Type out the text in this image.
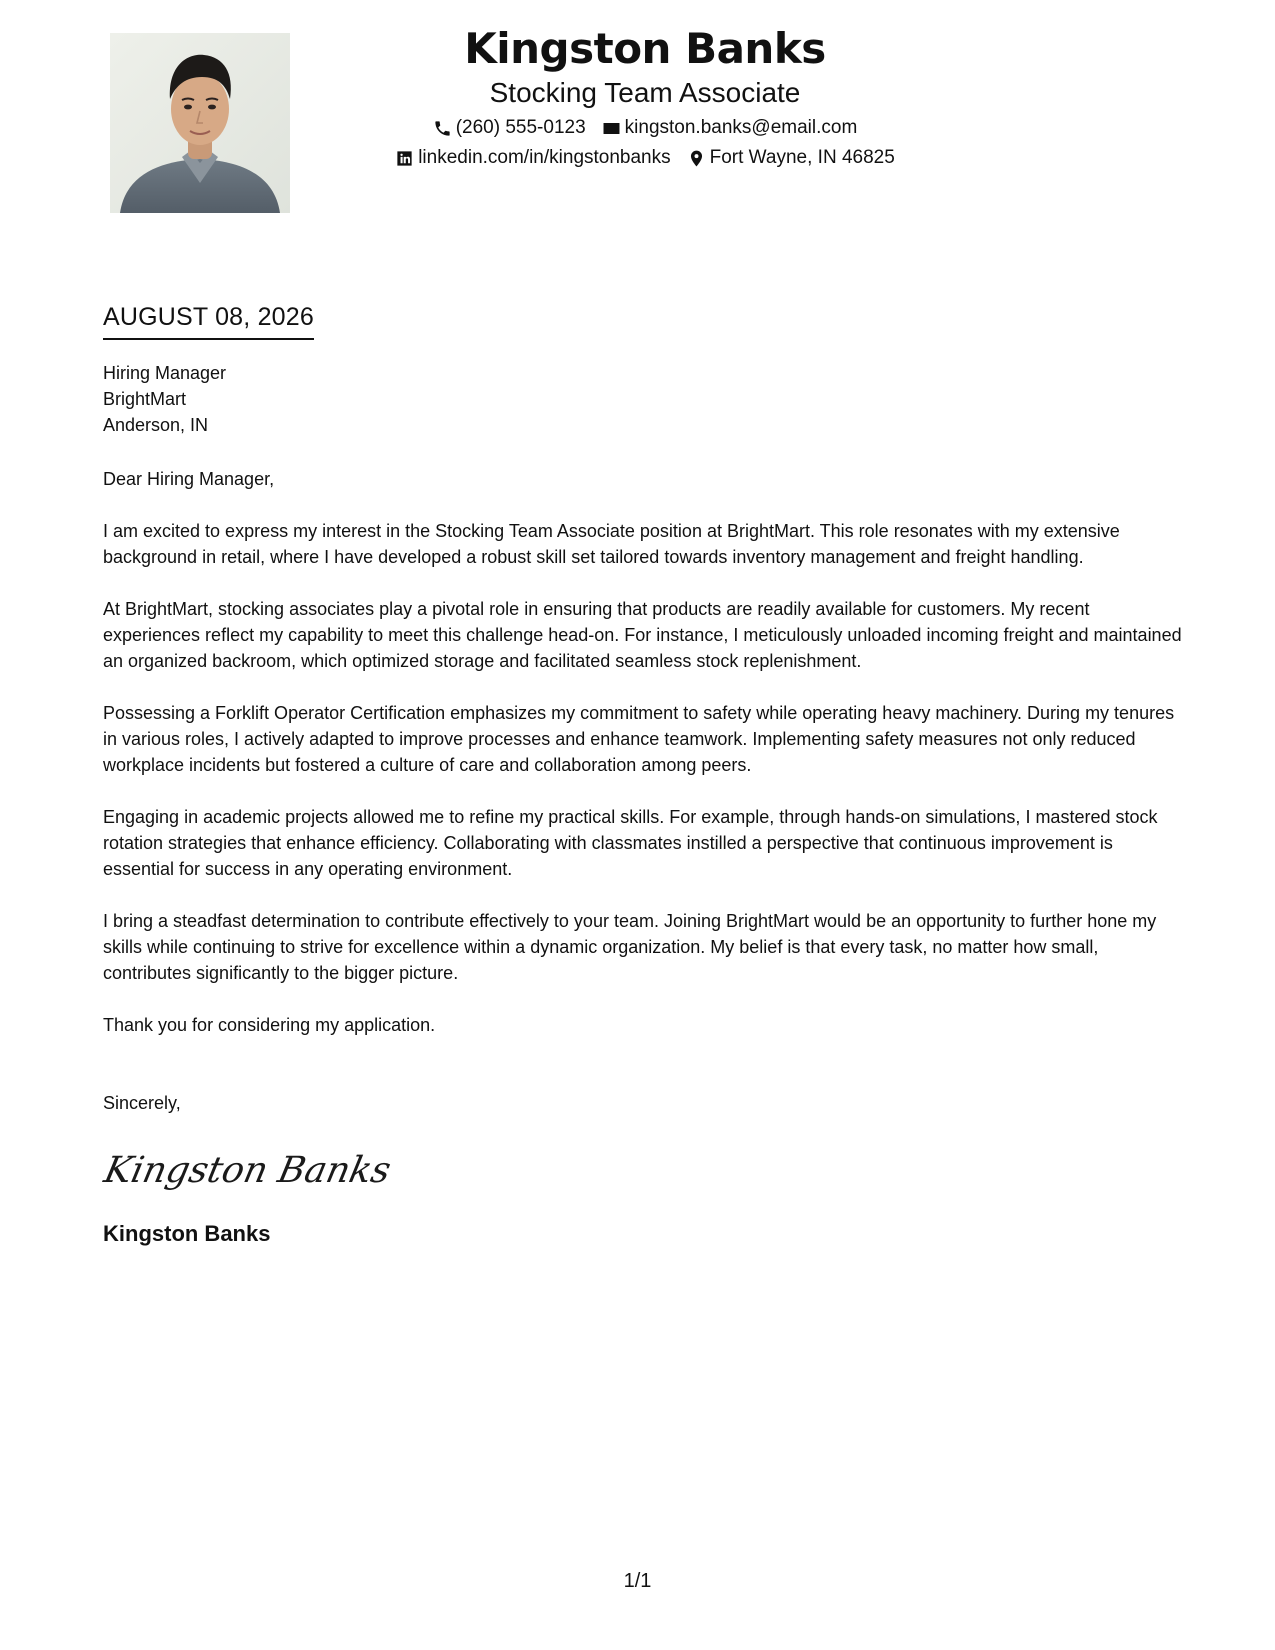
Kingston Banks
Stocking Team Associate
(260) 555-0123 kingston.banks@email.com
linkedin.com/in/kingstonbanks Fort Wayne, IN 46825
AUGUST 08, 2026
Hiring Manager
BrightMart
Anderson, IN
Dear Hiring Manager,
I am excited to express my interest in the Stocking Team Associate position at BrightMart. This role resonates with my extensive background in retail, where I have developed a robust skill set tailored towards inventory management and freight handling.
At BrightMart, stocking associates play a pivotal role in ensuring that products are readily available for customers. My recent experiences reflect my capability to meet this challenge head-on. For instance, I meticulously unloaded incoming freight and maintained an organized backroom, which optimized storage and facilitated seamless stock replenishment.
Possessing a Forklift Operator Certification emphasizes my commitment to safety while operating heavy machinery. During my tenures in various roles, I actively adapted to improve processes and enhance teamwork. Implementing safety measures not only reduced workplace incidents but fostered a culture of care and collaboration among peers.
Engaging in academic projects allowed me to refine my practical skills. For example, through hands-on simulations, I mastered stock rotation strategies that enhance efficiency. Collaborating with classmates instilled a perspective that continuous improvement is essential for success in any operating environment.
I bring a steadfast determination to contribute effectively to your team. Joining BrightMart would be an opportunity to further hone my skills while continuing to strive for excellence within a dynamic organization. My belief is that every task, no matter how small, contributes significantly to the bigger picture.
Thank you for considering my application.
Sincerely,
Kingston Banks
Kingston Banks
1/1
